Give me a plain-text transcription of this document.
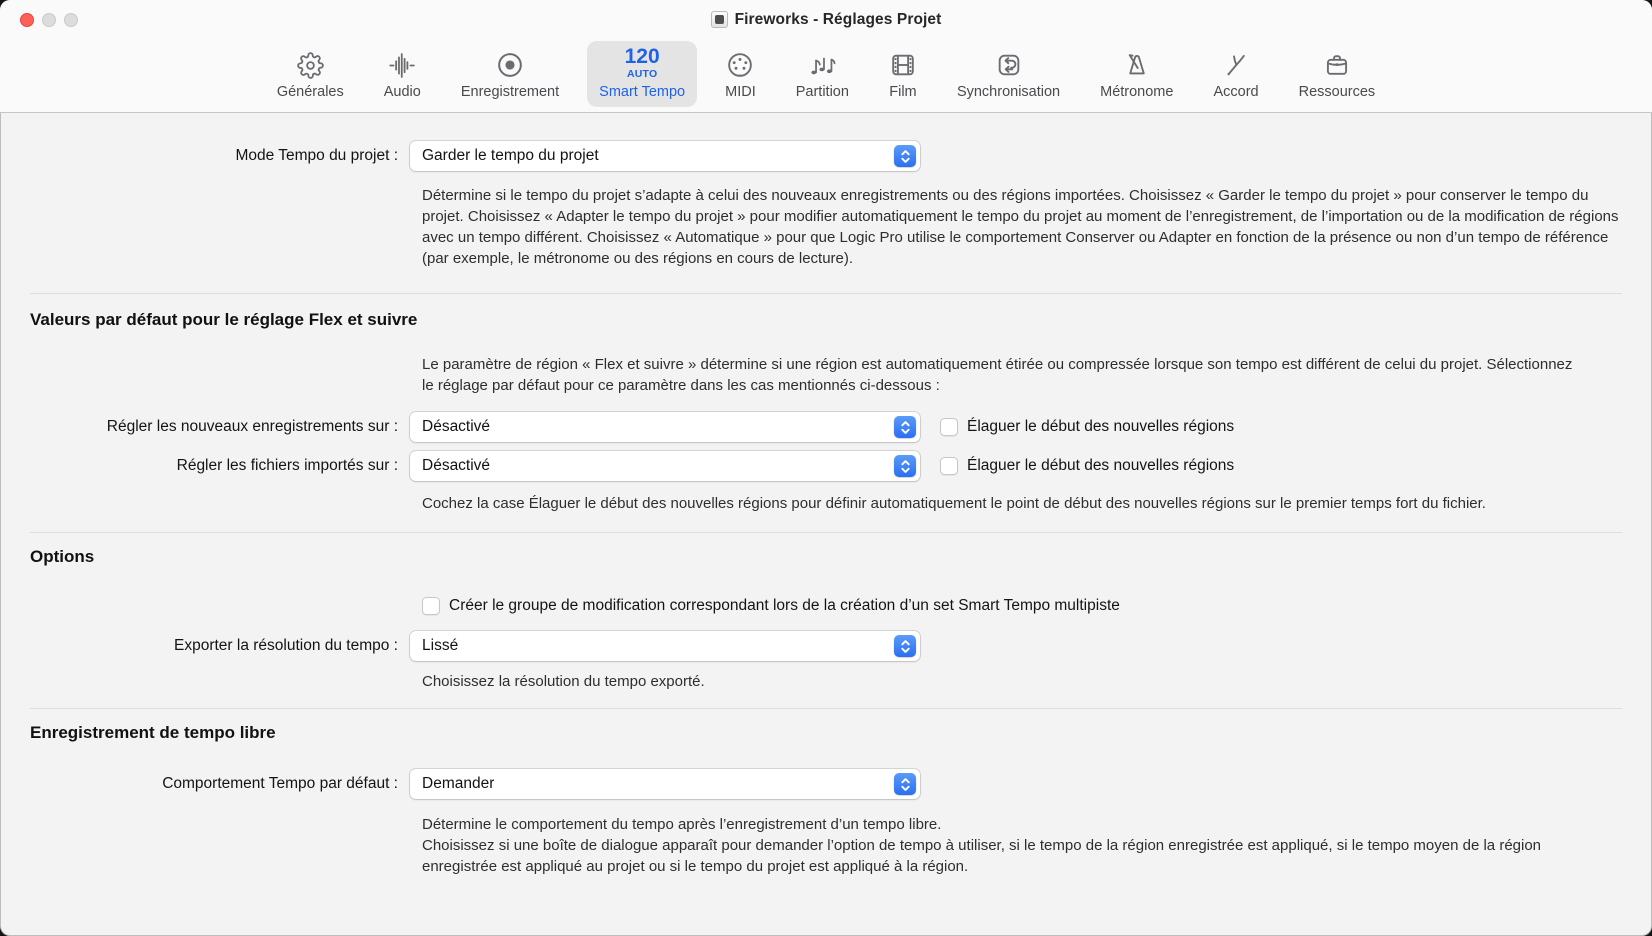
Fireworks - Réglages Projet
Générales	Audio	Enregistrement
120
AUTO
Smart Tempo	MIDI	Partition	Film	Synchronisation	Métronome	Accord	Ressources
Mode Tempo du projet :	Garder le tempo du projet

Détermine si le tempo du projet s’adapte à celui des nouveaux enregistrements ou des régions importées. Choisissez « Garder le tempo du projet » pour conserver le tempo du projet. Choisissez « Adapter le tempo du projet » pour modifier automatiquement le tempo du projet au moment de l’enregistrement, de l’importation ou de la modification de régions avec un tempo différent. Choisissez « Automatique » pour que Logic Pro utilise le comportement Conserver ou Adapter en fonction de la présence ou non d’un tempo de référence (par exemple, le métronome ou des régions en cours de lecture).

Valeurs par défaut pour le réglage Flex et suivre

Le paramètre de région « Flex et suivre » détermine si une région est automatiquement étirée ou compressée lorsque son tempo est différent de celui du projet. Sélectionnez le réglage par défaut pour ce paramètre dans les cas mentionnés ci-dessous :

Régler les nouveaux enregistrements sur :	Désactivé	Élaguer le début des nouvelles régions
Régler les fichiers importés sur :	Désactivé	Élaguer le début des nouvelles régions

Cochez la case Élaguer le début des nouvelles régions pour définir automatiquement le point de début des nouvelles régions sur le premier temps fort du fichier.

Options
Créer le groupe de modification correspondant lors de la création d’un set Smart Tempo multipiste
Exporter la résolution du tempo :	Lissé

Choisissez la résolution du tempo exporté.

Enregistrement de tempo libre
Comportement Tempo par défaut :	Demander

Détermine le comportement du tempo après l’enregistrement d’un tempo libre.

Choisissez si une boîte de dialogue apparaît pour demander l’option de tempo à utiliser, si le tempo de la région enregistrée est appliqué, si le tempo moyen de la région enregistrée est appliqué au projet ou si le tempo du projet est appliqué à la région.
